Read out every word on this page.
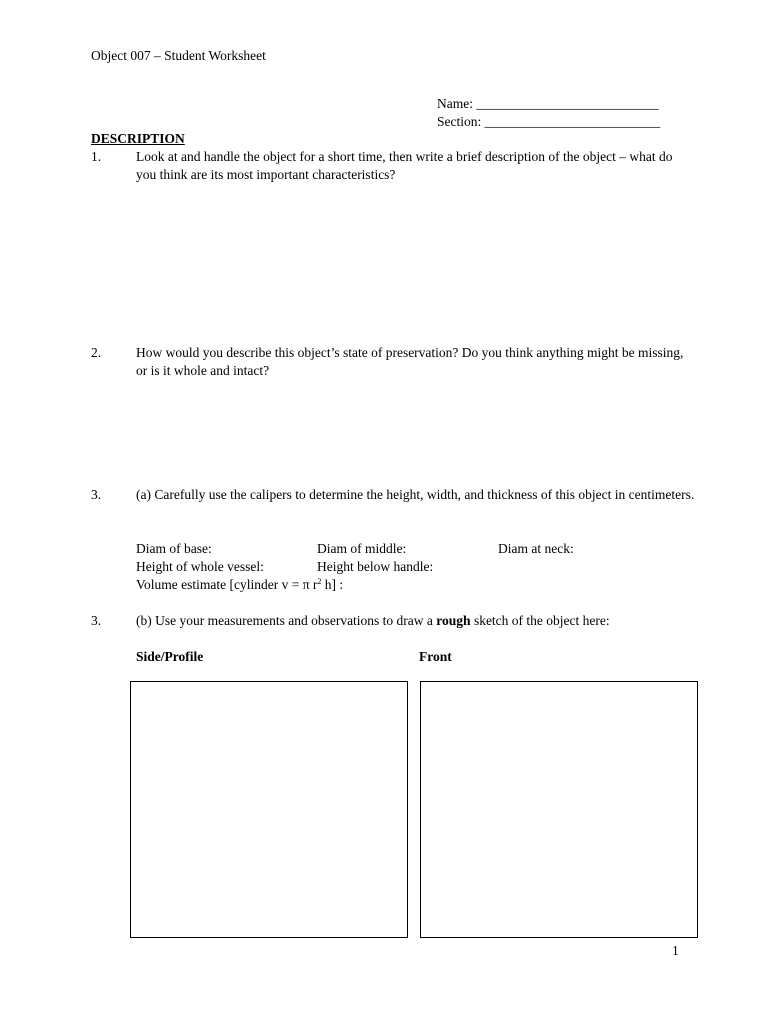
Object 007 – Student Worksheet
Name: ___________________________
Section: __________________________
DESCRIPTION
1.	Look at and handle the object for a short time, then write a brief description of the object – what do you think are its most important characteristics?
2.	How would you describe this object’s state of preservation? Do you think anything might be missing, or is it whole and intact?
3.	(a) Carefully use the calipers to determine the height, width, and thickness of this object in centimeters.
Diam of base:	Diam of middle:	Diam at neck:
Height of whole vessel:	Height below handle:
Volume estimate [cylinder v = π $r^2$ h] :
3.	(b) Use your measurements and observations to draw a rough sketch of the object here:
Side/Profile	Front
1
